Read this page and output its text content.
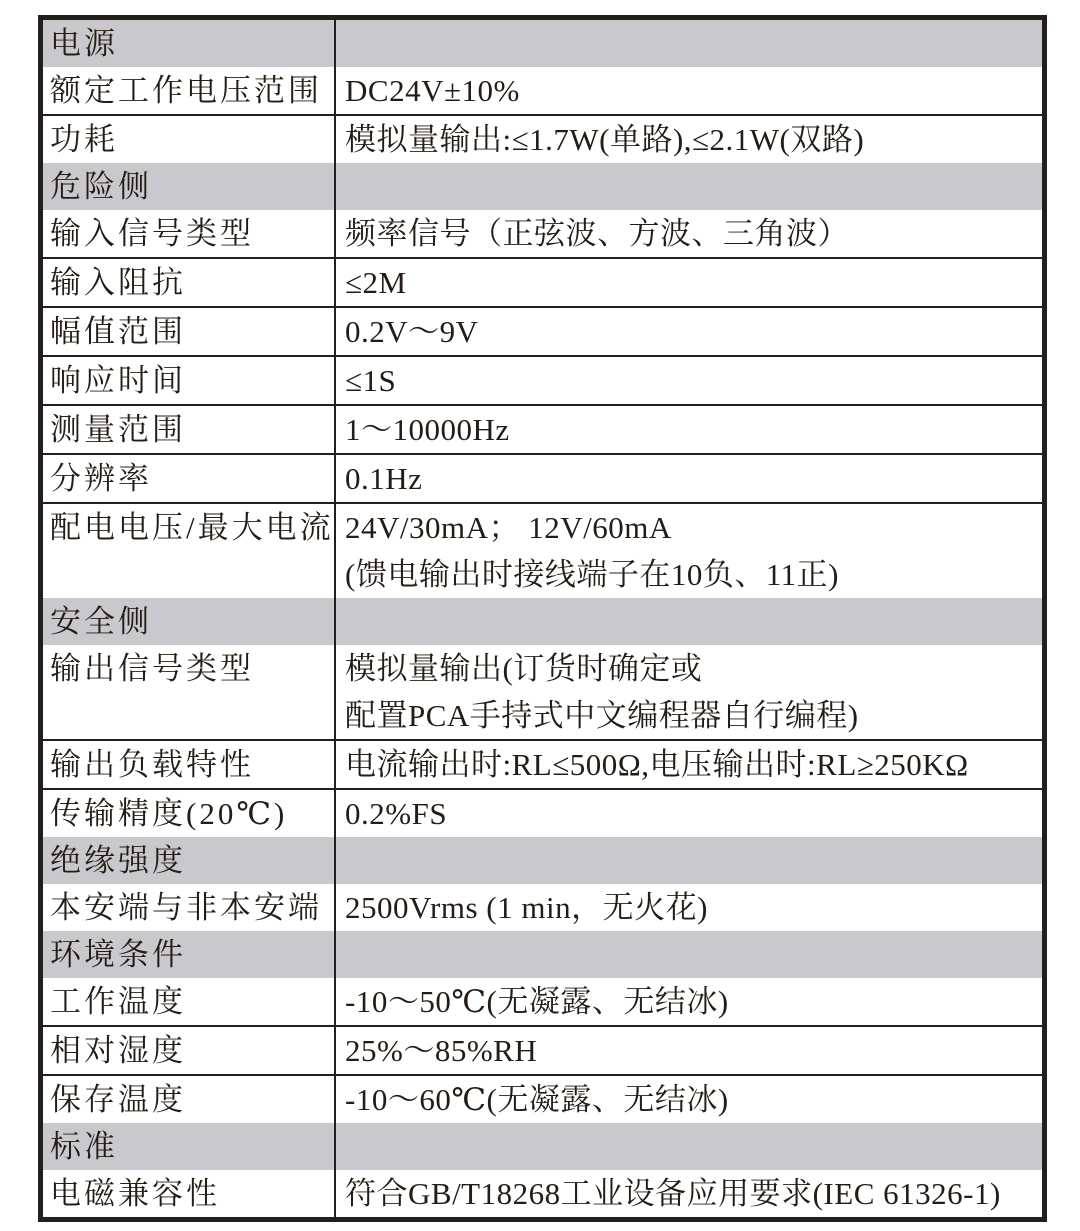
电源
额定工作电压范围 DC24V±10%
功耗	模拟量输出:≤1.7W(单路),≤2.1W(双路)
危险侧
输入信号类型	频率信号（正弦波、方波、三角波）
输入阻抗	≤2M
幅值范围	0.2V～9V
响应时间	≤1S
测量范围	1～10000Hz
分辨率	0.1Hz
配电电压/最大电流 24V/30mA； 12V/60mA
(馈电输出时接线端子在10负、11正)
安全侧
输出信号类型	模拟量输出(订货时确定或
配置PCA手持式中文编程器自行编程)
输出负载特性	电流输出时:RL≤500Ω,电压输出时:RL≥250KΩ
传输精度(20℃)	0.2%FS
绝缘强度
本安端与非本安端 2500Vrms (1 min，无火花)
环境条件
工作温度	-10～50℃(无凝露、无结冰)
相对湿度	25%～85%RH
保存温度	-10～60℃(无凝露、无结冰)
标准
电磁兼容性	符合GB/T18268工业设备应用要求(IEC 61326-1)
